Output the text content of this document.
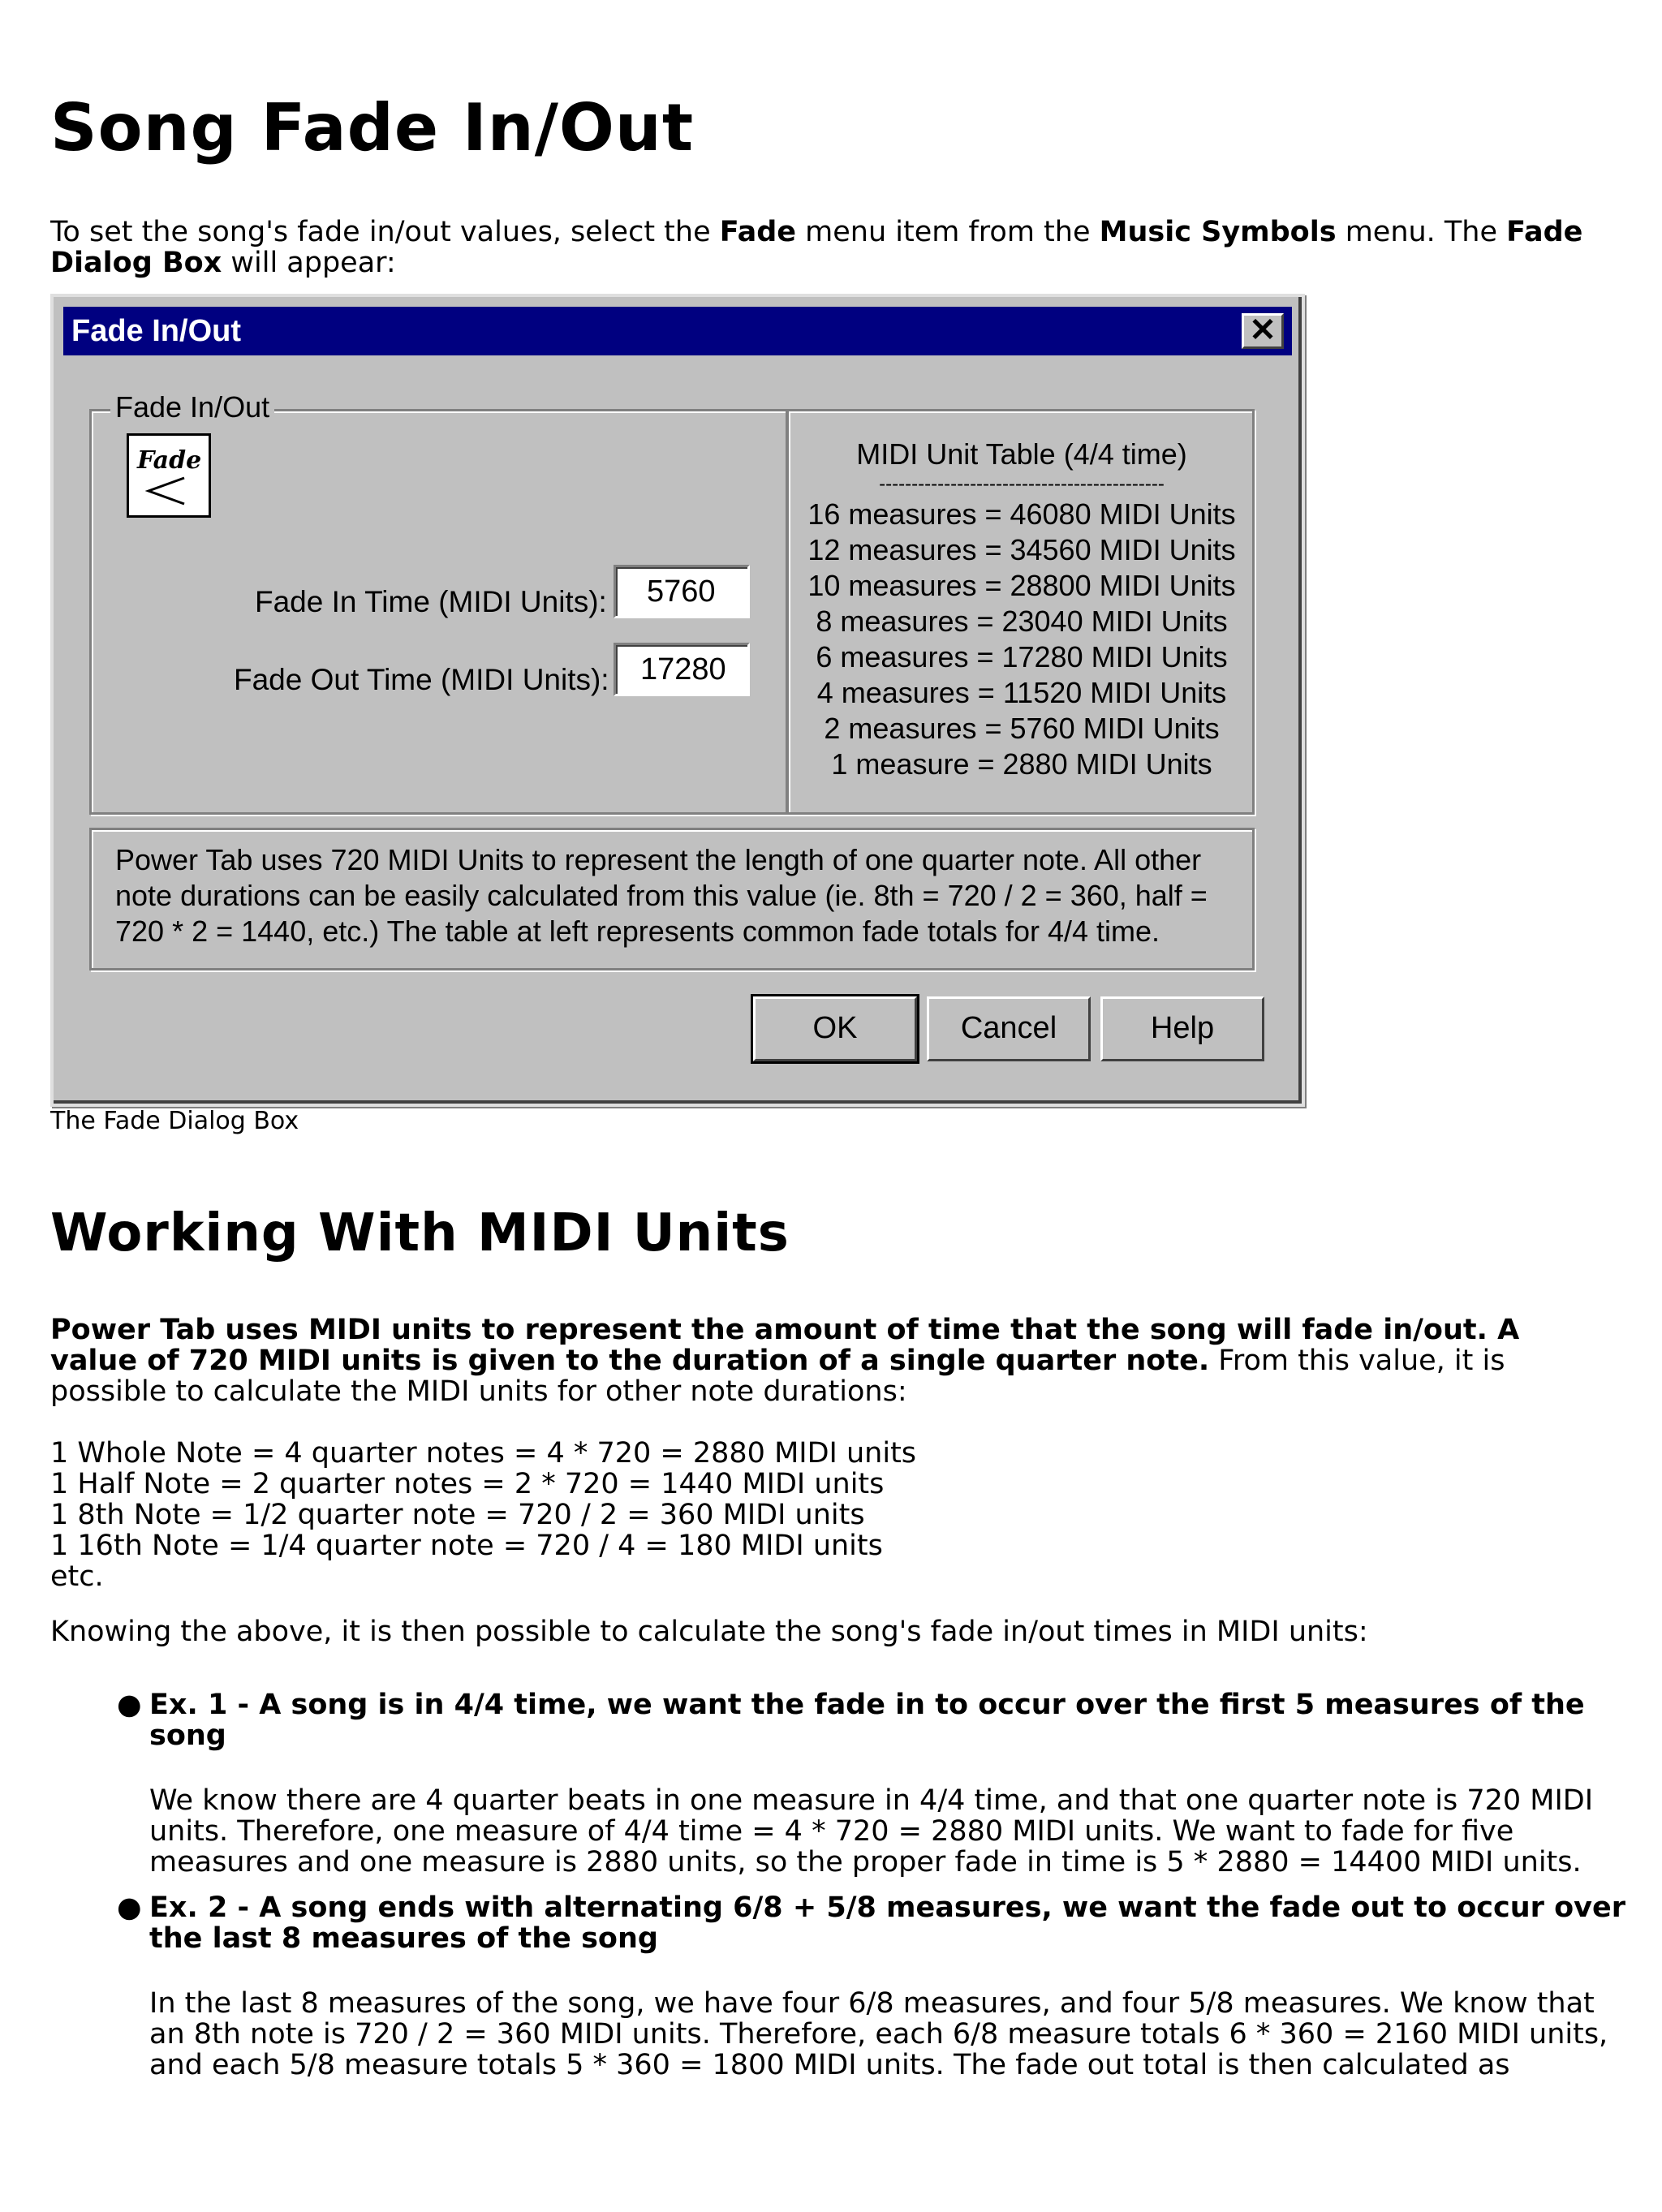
Song Fade In/Out

To set the song's fade in/out values, select the Fade menu item from the Music Symbols menu. The Fade Dialog Box will appear:

Fade In/Out	✕
Fade In/Out
Fade
Fade In Time (MIDI Units):	5760
Fade Out Time (MIDI Units):	17280
MIDI Unit Table (4/4 time)
--------------------------------------------
16 measures = 46080 MIDI Units
12 measures = 34560 MIDI Units
10 measures = 28800 MIDI Units
8 measures = 23040 MIDI Units
6 measures = 17280 MIDI Units
4 measures = 11520 MIDI Units
2 measures = 5760 MIDI Units
1 measure = 2880 MIDI Units
Power Tab uses 720 MIDI Units to represent the length of one quarter note. All other note durations can be easily calculated from this value (ie. 8th = 720 / 2 = 360, half = 720 * 2 = 1440, etc.) The table at left represents common fade totals for 4/4 time.
OK	Cancel	Help
The Fade Dialog Box
Working With MIDI Units

Power Tab uses MIDI units to represent the amount of time that the song will fade in/out. A value of 720 MIDI units is given to the duration of a single quarter note. From this value, it is possible to calculate the MIDI units for other note durations:

1 Whole Note = 4 quarter notes = 4 * 720 = 2880 MIDI units
1 Half Note = 2 quarter notes = 2 * 720 = 1440 MIDI units
1 8th Note = 1/2 quarter note = 720 / 2 = 360 MIDI units
1 16th Note = 1/4 quarter note = 720 / 4 = 180 MIDI units
etc.

Knowing the above, it is then possible to calculate the song's fade in/out times in MIDI units:

● Ex. 1 - A song is in 4/4 time, we want the fade in to occur over the first 5 measures of the song
We know there are 4 quarter beats in one measure in 4/4 time, and that one quarter note is 720 MIDI units. Therefore, one measure of 4/4 time = 4 * 720 = 2880 MIDI units. We want to fade for five measures and one measure is 2880 units, so the proper fade in time is 5 * 2880 = 14400 MIDI units.
● Ex. 2 - A song ends with alternating 6/8 + 5/8 measures, we want the fade out to occur over the last 8 measures of the song
In the last 8 measures of the song, we have four 6/8 measures, and four 5/8 measures. We know that an 8th note is 720 / 2 = 360 MIDI units. Therefore, each 6/8 measure totals 6 * 360 = 2160 MIDI units, and each 5/8 measure totals 5 * 360 = 1800 MIDI units. The fade out total is then calculated as
